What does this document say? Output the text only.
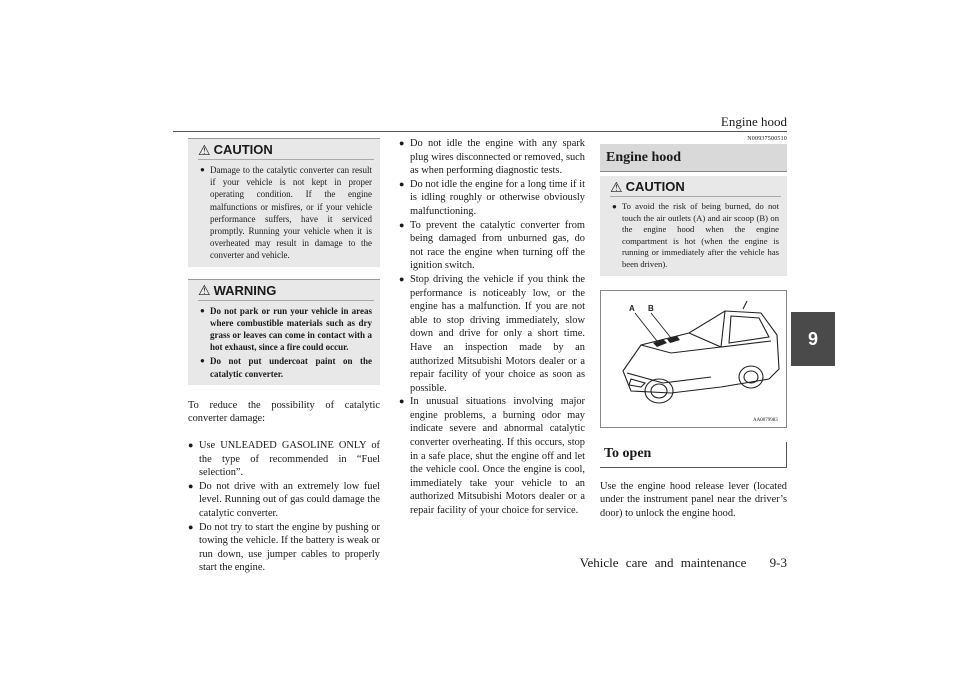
Engine hood
9
⚠ CAUTION
● Damage to the catalytic converter can result if your vehicle is not kept in proper operating condition. If the engine malfunctions or misfires, or if your vehicle performance suffers, have it serviced promptly. Running your vehicle when it is overheated may result in damage to the converter and vehicle.
⚠ WARNING
● Do not park or run your vehicle in areas where combustible materials such as dry grass or leaves can come in contact with a hot exhaust, since a fire could occur.
● Do not put undercoat paint on the catalytic converter.
To reduce the possibility of catalytic converter damage:

● Use UNLEADED GASOLINE ONLY of the type of recommended in “Fuel selection”.

● Do not drive with an extremely low fuel level. Running out of gas could damage the catalytic converter.

● Do not try to start the engine by pushing or towing the vehicle. If the battery is weak or run down, use jumper cables to properly start the engine.

● Do not idle the engine with any spark plug wires disconnected or removed, such as when performing diagnostic tests.

● Do not idle the engine for a long time if it is idling roughly or otherwise obviously malfunctioning.

● To prevent the catalytic converter from being damaged from unburned gas, do not race the engine when turning off the ignition switch.

● Stop driving the vehicle if you think the performance is noticeably low, or the engine has a malfunction. If you are not able to stop driving immediately, slow down and drive for only a short time. Have an inspection made by an authorized Mitsubishi Motors dealer or a repair facility of your choice as soon as possible.

● In unusual situations involving major engine problems, a burning odor may indicate severe and abnormal catalytic converter overheating. If this occurs, stop in a safe place, shut the engine off and let the vehicle cool. Once the engine is cool, immediately take your vehicle to an authorized Mitsubishi Motors dealer or a repair facility of your choice for service.

N00937500510
Engine hood
⚠ CAUTION
● To avoid the risk of being burned, do not touch the air outlets (A) and air scoop (B) on the engine hood when the engine compartment is hot (when the engine is running or immediately after the vehicle has been driven).
A B
AA0079983
To open
Use the engine hood release lever (located under the instrument panel near the driver’s door) to unlock the engine hood.
Vehicle care and maintenance 9-3
